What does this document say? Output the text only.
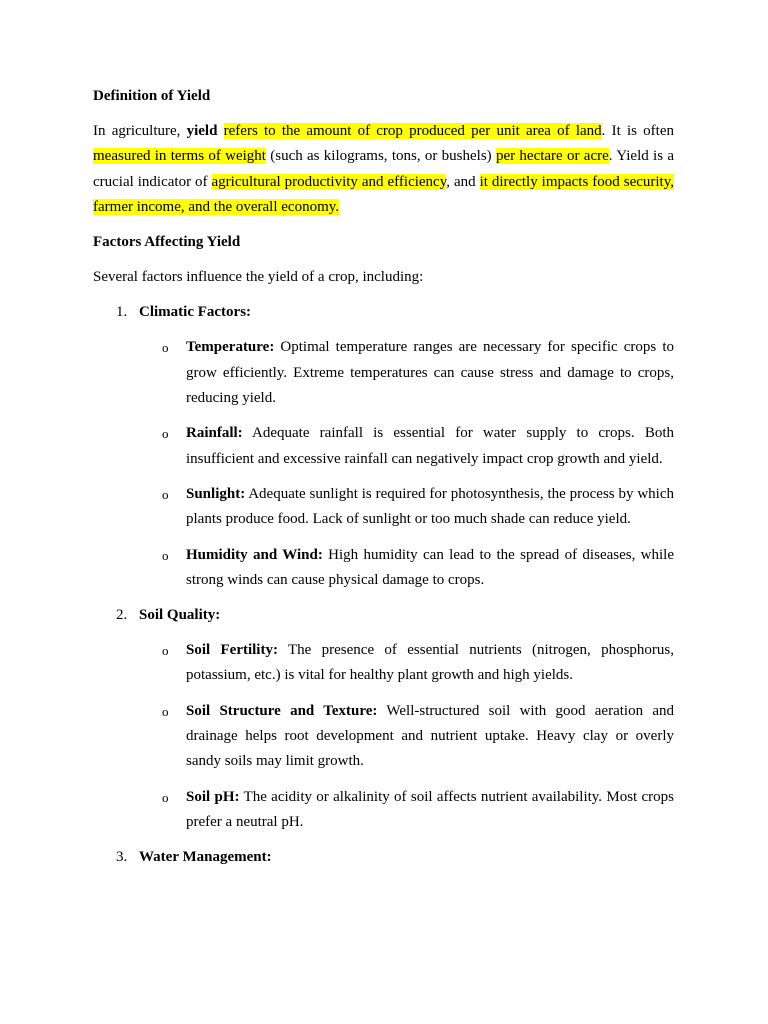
Definition of Yield

In agriculture, yield refers to the amount of crop produced per unit area of land. It is often measured in terms of weight (such as kilograms, tons, or bushels) per hectare or acre. Yield is a crucial indicator of agricultural productivity and efficiency, and it directly impacts food security, farmer income, and the overall economy.

Factors Affecting Yield

Several factors influence the yield of a crop, including:

1. Climatic Factors:
o Temperature: Optimal temperature ranges are necessary for specific crops to grow efficiently. Extreme temperatures can cause stress and damage to crops, reducing yield.

o Rainfall: Adequate rainfall is essential for water supply to crops. Both insufficient and excessive rainfall can negatively impact crop growth and yield.

o Sunlight: Adequate sunlight is required for photosynthesis, the process by which plants produce food. Lack of sunlight or too much shade can reduce yield.

o Humidity and Wind: High humidity can lead to the spread of diseases, while strong winds can cause physical damage to crops.

2. Soil Quality:
o Soil Fertility: The presence of essential nutrients (nitrogen, phosphorus, potassium, etc.) is vital for healthy plant growth and high yields.

o Soil Structure and Texture: Well-structured soil with good aeration and drainage helps root development and nutrient uptake. Heavy clay or overly sandy soils may limit growth.

o Soil pH: The acidity or alkalinity of soil affects nutrient availability. Most crops prefer a neutral pH.

3. Water Management:
